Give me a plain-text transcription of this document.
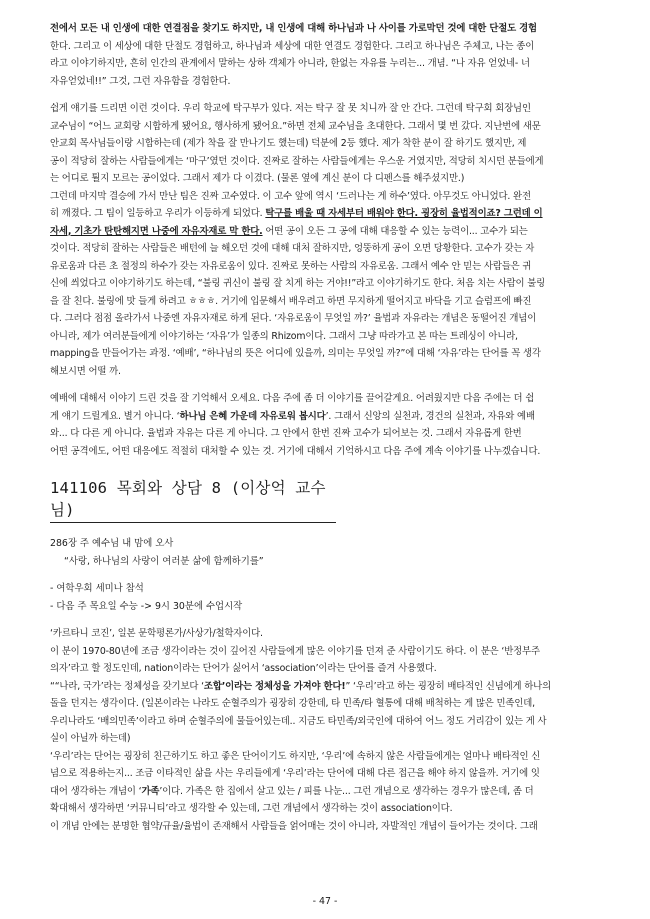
전에서 모든 내 인생에 대한 연결점을 찾기도 하지만, 내 인생에 대해 하나님과 나 사이를 가로막던 것에 대한 단절도 경험

한다. 그리고 이 세상에 대한 단절도 경험하고, 하나님과 세상에 대한 연결도 경험한다. 그리고 하나님은 주체고, 나는 종이

라고 이야기하지만, 흔히 인간의 관계에서 말하는 상하 객체가 아니라, 한없는 자유를 누리는... 개념. “나 자유 얻었네- 너

자유얻었네!!” 그것, 그런 자유함을 경험한다.

쉽게 얘기를 드리면 이런 것이다. 우리 학교에 탁구부가 있다. 저는 탁구 잘 못 치니까 잘 안 간다. 그런데 탁구회 회장님인

교수님이 “어느 교회랑 시합하게 됐어요, 행사하게 됐어요.”하면 전체 교수님을 초대한다. 그래서 몇 번 갔다. 지난번에 새문

안교회 목사님들이랑 시합하는데 (제가 착을 잘 만나기도 했는데) 덕분에 2등 했다. 제가 착한 분이 잘 하기도 했지만, 제

공이 적당히 잘하는 사람들에게는 ‘마구’였던 것이다. 진짜로 잘하는 사람들에게는 우스운 거였지만, 적당히 치시던 분들에게

는 어디로 튈지 모르는 공이었다. 그래서 제가 다 이겼다. (물론 옆에 계신 분이 다 디펜스를 해주셨지만.)

그런데 마지막 결승에 가서 만난 팀은 진짜 고수였다. 이 고수 앞에 역시 ‘드러나는 게 하수’였다. 아무것도 아니었다. 완전

히 깨졌다. 그 팀이 일등하고 우리가 이등하게 되었다. 탁구를 배울 때 자세부터 배워야 한다. 굉장히 율법적이죠? 그런데 이

자세, 기초가 탄탄해지면 나중에 자유자재로 막 한다. 어떤 공이 오든 그 공에 대해 대응할 수 있는 능력이... 고수가 되는

것이다. 적당히 잘하는 사람들은 배턴에 늘 해오던 것에 대해 대처 잘하지만, 엉뚱하게 공이 오면 당황한다. 고수가 갖는 자

유로움과 다른 초 절정의 하수가 갖는 자유로움이 있다. 진짜로 못하는 사람의 자유로움. 그래서 예수 안 믿는 사람들은 귀

신에 씌었다고 이야기하기도 하는데, “불링 귀신이 불링 잘 치게 하는 거야!!”라고 이야기하기도 한다. 처음 치는 사람이 불링

을 잘 친다. 불링에 맛 들게 하려고 ㅎㅎㅎ. 거기에 입문해서 배우려고 하면 무지하게 떨어지고 바닥을 기고 슬럼프에 빠진

다. 그러다 점점 올라가서 나중엔 자유자재로 하게 된다. ‘자유로움이 무엇일 까?’ 율법과 자유라는 개념은 동떨어진 개념이

아니라, 제가 여러분들에게 이야기하는 ‘자유’가 일종의 Rhizom이다. 그래서 그냥 따라가고 본 따는 트레싱이 아니라,

mapping을 만들어가는 과정. ‘예배’, “하나님의 뜻은 어디에 있을까, 의미는 무엇일 까?”에 대해 ‘자유’라는 단어를 꼭 생각

해보시면 어떨 까.

예배에 대해서 이야기 드린 것을 잘 기억해서 오세요. 다음 주에 좀 더 이야기를 끌어갈게요. 어려웠지만 다음 주에는 더 쉽

게 얘기 드릴게요. 별거 아니다. ‘하나님 은혜 가운데 자유로워 봅시다’. 그래서 신앙의 실천과, 경건의 실천과, 자유와 예배

와... 다 다른 게 아니다. 율법과 자유는 다른 게 아니다. 그 안에서 한번 진짜 고수가 되어보는 것. 그래서 자유롭게 한번

어떤 공격에도, 어떤 대응에도 적절히 대처할 수 있는 것. 거기에 대해서 기억하시고 다음 주에 계속 이야기를 나누겠습니다.

141106 목회와 상담 8 (이상억 교수님)

286장 주 예수님 내 맘에 오사

“사랑, 하나님의 사랑이 여러분 삶에 함께하기를”

- 여학우회 세미나 참석

- 다음 주 목요일 수능 -> 9시 30분에 수업시작

‘카르타니 코진’, 일본 문학평론가/사상가/철학자이다.

이 분이 1970-80년에 조금 생각이라는 것이 깊어진 사람들에게 많은 이야기를 던져 준 사람이기도 하다. 이 분은 ‘반정부주

의자’라고 할 정도인데, nation이라는 단어가 싫어서 ‘association’이라는 단어를 즐겨 사용했다.

““나라, 국가’라는 정체성을 갖기보다 ‘조합’이라는 정체성을 가져야 한다!” ‘우리’라고 하는 굉장히 배타적인 신념에게 하나의

돌을 던지는 생각이다. (일본이라는 나라도 순혈주의가 굉장히 강한데, 타 민족/타 혈통에 대해 배척하는 게 많은 민족인데,

우리나라도 ‘배의민족’이라고 하며 순혈주의에 물들어있는데.. 지금도 타민족/외국인에 대하여 어느 정도 거리감이 있는 게 사

실이 아닐까 하는데)

‘우리’라는 단어는 굉장히 친근하기도 하고 좋은 단어이기도 하지만, ‘우리’에 속하지 않은 사람들에게는 얼마나 배타적인 신

념으로 적용하는지... 조금 이타적인 삶을 사는 우리들에게 ‘우리’라는 단어에 대해 다른 접근을 해야 하지 않을까. 거기에 잇

대어 생각하는 개념이 ‘가족’이다. 가족은 한 집에서 살고 있는 / 피를 나눈... 그런 개념으로 생각하는 경우가 많은데, 좀 더

확대해서 생각하면 ‘커뮤니티’라고 생각할 수 있는데, 그런 개념에서 생각하는 것이 association이다.

이 개념 안에는 분명한 협약/규율/율법이 존재해서 사람들을 얽어매는 것이 아니라, 자발적인 개념이 들어가는 것이다. 그래

- 47 -
